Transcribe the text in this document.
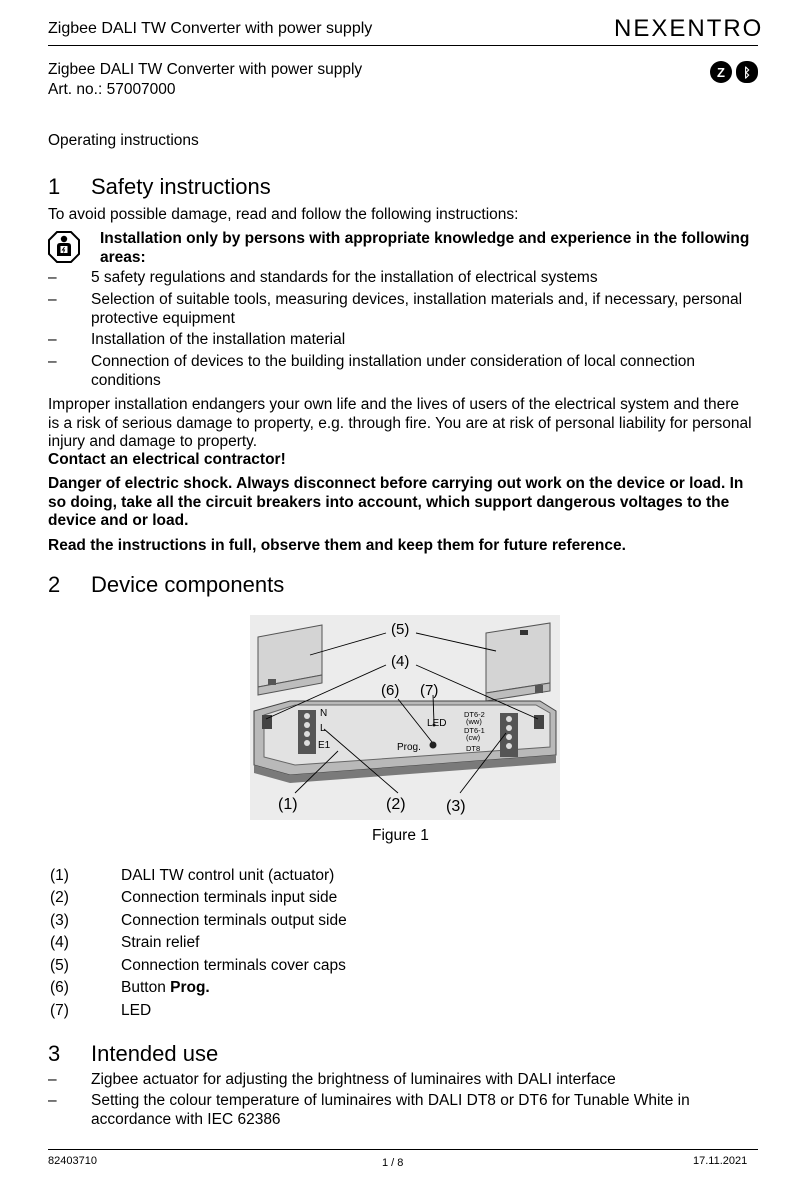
Zigbee DALI TW Converter with power supply	NEXENTRO
Zigbee DALI TW Converter with power supply
Art. no.: 57007000
Z	ᛒ
Operating instructions
1 Safety instructions
To avoid possible damage, read and follow the following instructions:
Installation only by persons with appropriate knowledge and experience in the following
areas:
– 5 safety regulations and standards for the installation of electrical systems
– Selection of suitable tools, measuring devices, installation materials and, if necessary, personal protective equipment
– Installation of the installation material
– Connection of devices to the building installation under consideration of local connection conditions
Improper installation endangers your own life and the lives of users of the electrical system and there is a risk of serious damage to property, e.g. through fire. You are at risk of personal liability for personal injury and damage to property.
Contact an electrical contractor!
Danger of electric shock. Always disconnect before carrying out work on the device or load. In so doing, take all the circuit breakers into account, which support dangerous voltages to the device and or load.
Read the instructions in full, observe them and keep them for future reference.
2 Device components
N
L
E1	Prog.
LED
DT6-2
(ww)
DT6-1
(cw)
DT8
(5)
(4)
(6) (7)
(1)	(2)	(3)
Figure 1
(1)	DALI TW control unit (actuator)
(2)	Connection terminals input side
(3)	Connection terminals output side
(4)	Strain relief
(5)	Connection terminals cover caps
(6)	Button Prog.
(7)	LED
3 Intended use
– Zigbee actuator for adjusting the brightness of luminaires with DALI interface
– Setting the colour temperature of luminaires with DALI DT8 or DT6 for Tunable White in accordance with IEC 62386
82403710	1 / 8	17.11.2021
